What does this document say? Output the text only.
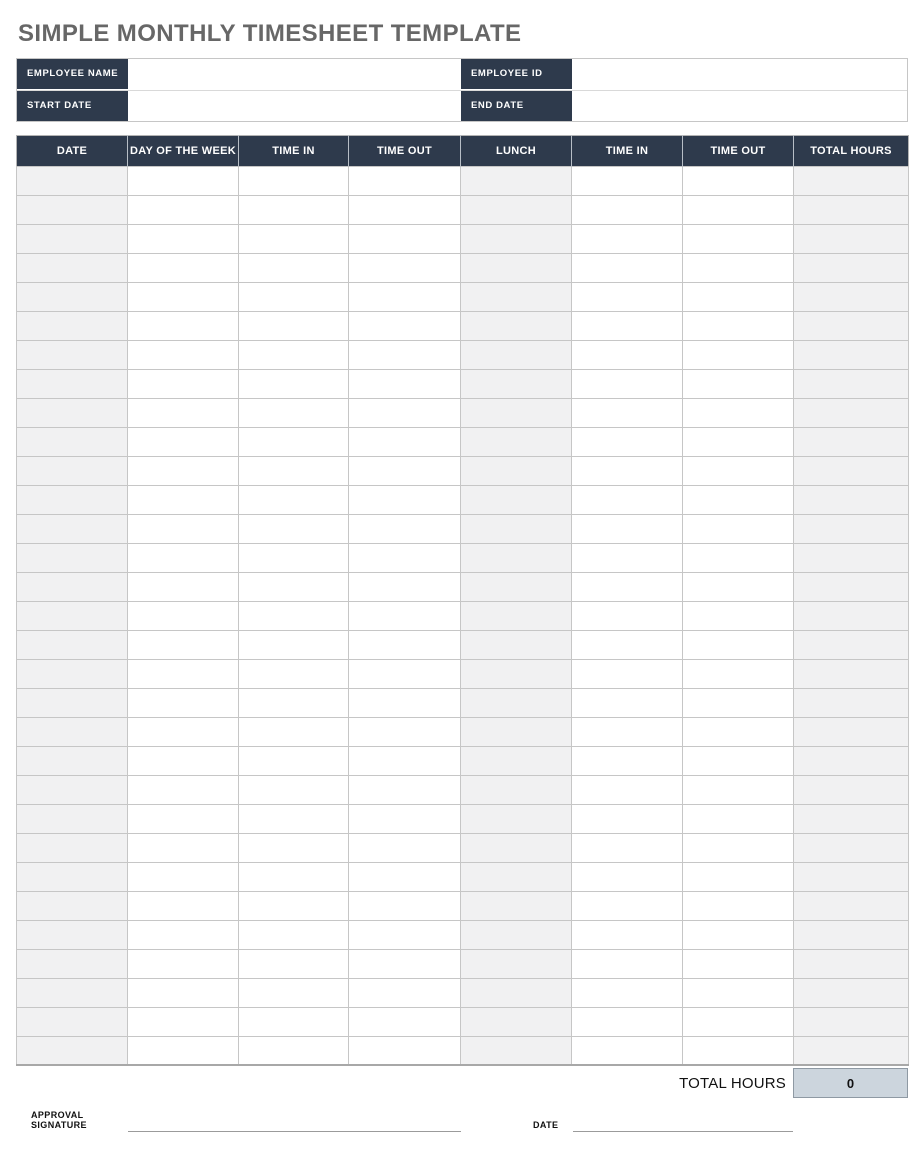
SIMPLE MONTHLY TIMESHEET TEMPLATE
EMPLOYEE NAME	EMPLOYEE ID
START DATE	END DATE
DATE	DAY OF THE WEEK	TIME IN	TIME OUT	LUNCH	TIME IN	TIME OUT	TOTAL HOURS

TOTAL HOURS	0
APPROVAL SIGNATURE	DATE
